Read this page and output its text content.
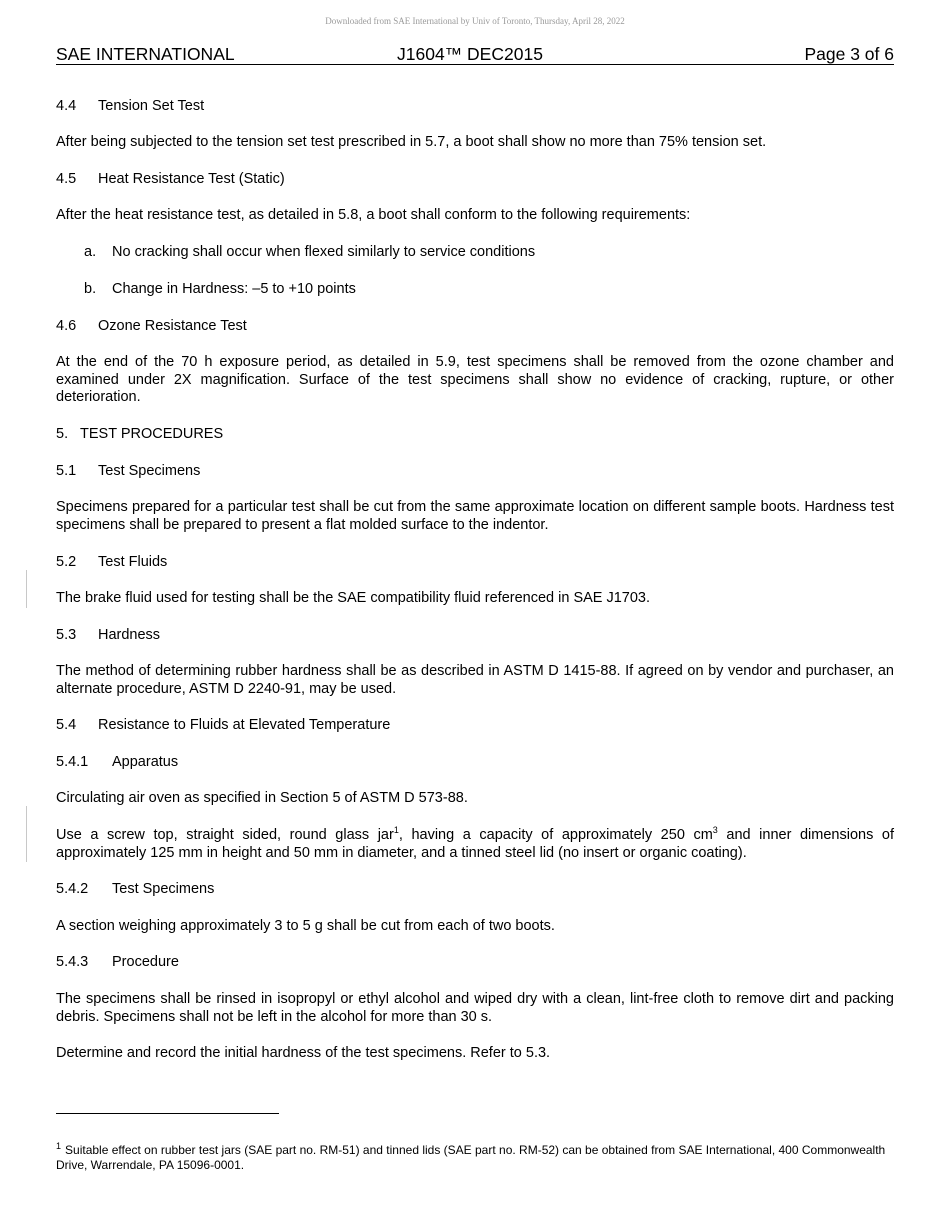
Downloaded from SAE International by Univ of Toronto, Thursday, April 28, 2022
SAE INTERNATIONAL	J1604™ DEC2015	Page 3 of 6
4.4 Tension Set Test
After being subjected to the tension set test prescribed in 5.7, a boot shall show no more than 75% tension set.
4.5 Heat Resistance Test (Static)
After the heat resistance test, as detailed in 5.8, a boot shall conform to the following requirements:
a. No cracking shall occur when flexed similarly to service conditions
b. Change in Hardness: –5 to +10 points
4.6 Ozone Resistance Test
At the end of the 70 h exposure period, as detailed in 5.9, test specimens shall be removed from the ozone chamber and examined under 2X magnification. Surface of the test specimens shall show no evidence of cracking, rupture, or other deterioration.
5. TEST PROCEDURES
5.1 Test Specimens
Specimens prepared for a particular test shall be cut from the same approximate location on different sample boots. Hardness test specimens shall be prepared to present a flat molded surface to the indentor.
5.2 Test Fluids
The brake fluid used for testing shall be the SAE compatibility fluid referenced in SAE J1703.
5.3 Hardness
The method of determining rubber hardness shall be as described in ASTM D 1415-88. If agreed on by vendor and purchaser, an alternate procedure, ASTM D 2240-91, may be used.
5.4 Resistance to Fluids at Elevated Temperature
5.4.1 Apparatus
Circulating air oven as specified in Section 5 of ASTM D 573-88.
Use a screw top, straight sided, round glass jar$^1$, having a capacity of approximately 250 $cm^3$ and inner dimensions of approximately 125 mm in height and 50 mm in diameter, and a tinned steel lid (no insert or organic coating).
5.4.2 Test Specimens
A section weighing approximately 3 to 5 g shall be cut from each of two boots.
5.4.3 Procedure
The specimens shall be rinsed in isopropyl or ethyl alcohol and wiped dry with a clean, lint-free cloth to remove dirt and packing debris. Specimens shall not be left in the alcohol for more than 30 s.
Determine and record the initial hardness of the test specimens. Refer to 5.3.
$^1$ Suitable effect on rubber test jars (SAE part no. RM-51) and tinned lids (SAE part no. RM-52) can be obtained from SAE International, 400 Commonwealth Drive, Warrendale, PA 15096-0001.
